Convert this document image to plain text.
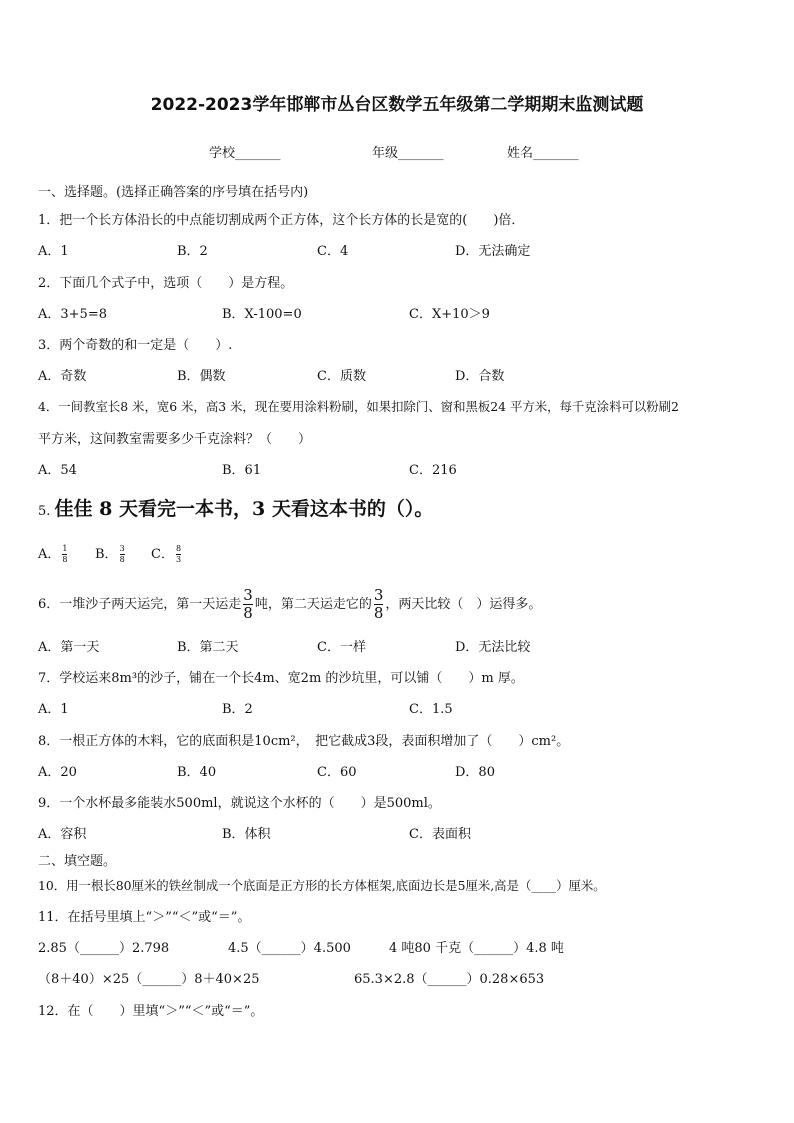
2022-2023学年邯郸市丛台区数学五年级第二学期期末监测试题
学校_______	年级_______	姓名_______
一、选择题。(选择正确答案的序号填在括号内)
1．把一个长方体沿长的中点能切割成两个正方体，这个长方体的长是宽的(　　)倍．
A．1	B．2	C．4	D．无法确定
2．下面几个式子中，选项（　　）是方程。
A．3+5=8	B．X-100=0	C．X+10＞9
3．两个奇数的和一定是（　　）.
A．奇数	B．偶数	C．质数	D．合数
4．一间教室长8 米，宽6 米，高3 米，现在要用涂料粉刷，如果扣除门、窗和黑板24 平方米，每千克涂料可以粉刷2
平方米，这间教室需要多少千克涂料？（　　）
A．54	B．61	C．216
5. 佳佳 8 天看完一本书，3 天看这本书的（）。
A． $\frac{1}{8}$ B． $\frac{3}{8}$ C． $\frac{8}{3}$
6．一堆沙子两天运完，第一天运走 $\frac{3}{8}$ 吨，第二天运走它的 $\frac{3}{8}$ ，两天比较（　）运得多。
A．第一天	B．第二天	C．一样	D．无法比较
7．学校运来8m³的沙子，铺在一个长4m、宽2m 的沙坑里，可以铺（　　）m 厚。
A．1	B．2	C．1.5
8．一根正方体的木料，它的底面积是10cm²，　把它截成3段，表面积增加了（　　）cm²。
A．20	B．40	C．60	D．80
9．一个水杯最多能装水500ml，就说这个水杯的（　　）是500ml。
A．容积	B．体积	C．表面积
二、填空题。
10．用一根长80厘米的铁丝制成一个底面是正方形的长方体框架,底面边长是5厘米,高是（____）厘米。
11．在括号里填上“＞”“＜”或“＝”。
2.85（______）2.798	4.5（______）4.500	4 吨80 千克（______）4.8 吨
（8＋40）×25（______）8＋40×25	65.3×2.8（______）0.28×653
12．在（　　）里填“＞”“＜”或“＝”。
